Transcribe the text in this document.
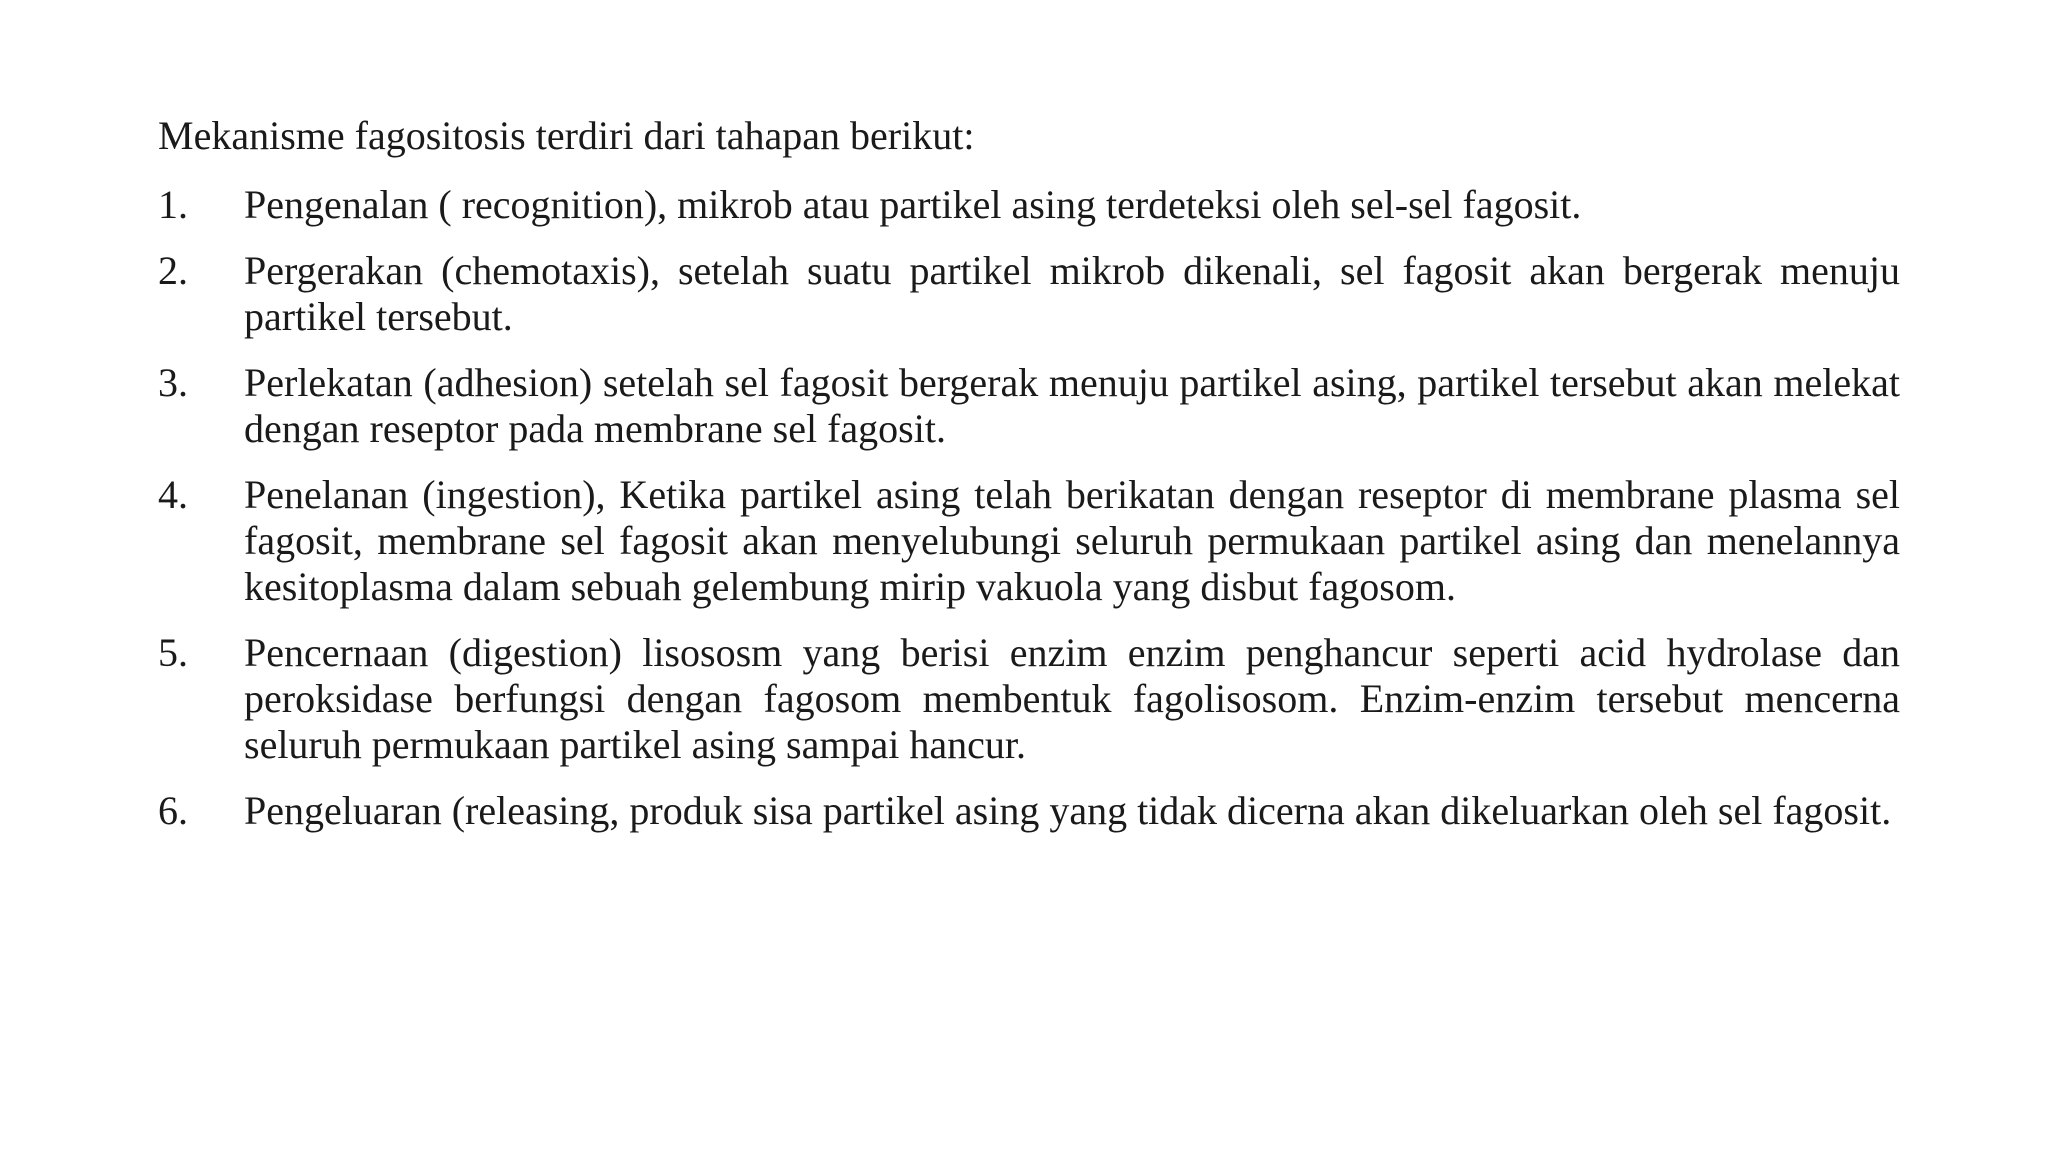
Mekanisme fagositosis terdiri dari tahapan berikut:

1.	Pengenalan ( recognition), mikrob atau partikel asing terdeteksi oleh sel-sel fagosit.
2.	Pergerakan (chemotaxis), setelah suatu partikel mikrob dikenali, sel fagosit akan bergerak menuju partikel tersebut.
3.	Perlekatan (adhesion) setelah sel fagosit bergerak menuju partikel asing, partikel tersebut akan melekat dengan reseptor pada membrane sel fagosit.
4.	Penelanan (ingestion), Ketika partikel asing telah berikatan dengan reseptor di membrane plasma sel fagosit, membrane sel fagosit akan menyelubungi seluruh permukaan partikel asing dan menelannya kesitoplasma dalam sebuah gelembung mirip vakuola yang disbut fagosom.
5.	Pencernaan (digestion) lisososm yang berisi enzim enzim penghancur seperti acid hydrolase dan peroksidase berfungsi dengan fagosom membentuk fagolisosom. Enzim-enzim tersebut mencerna seluruh permukaan partikel asing sampai hancur.
6.	Pengeluaran (releasing, produk sisa partikel asing yang tidak dicerna akan dikeluarkan oleh sel fagosit.
